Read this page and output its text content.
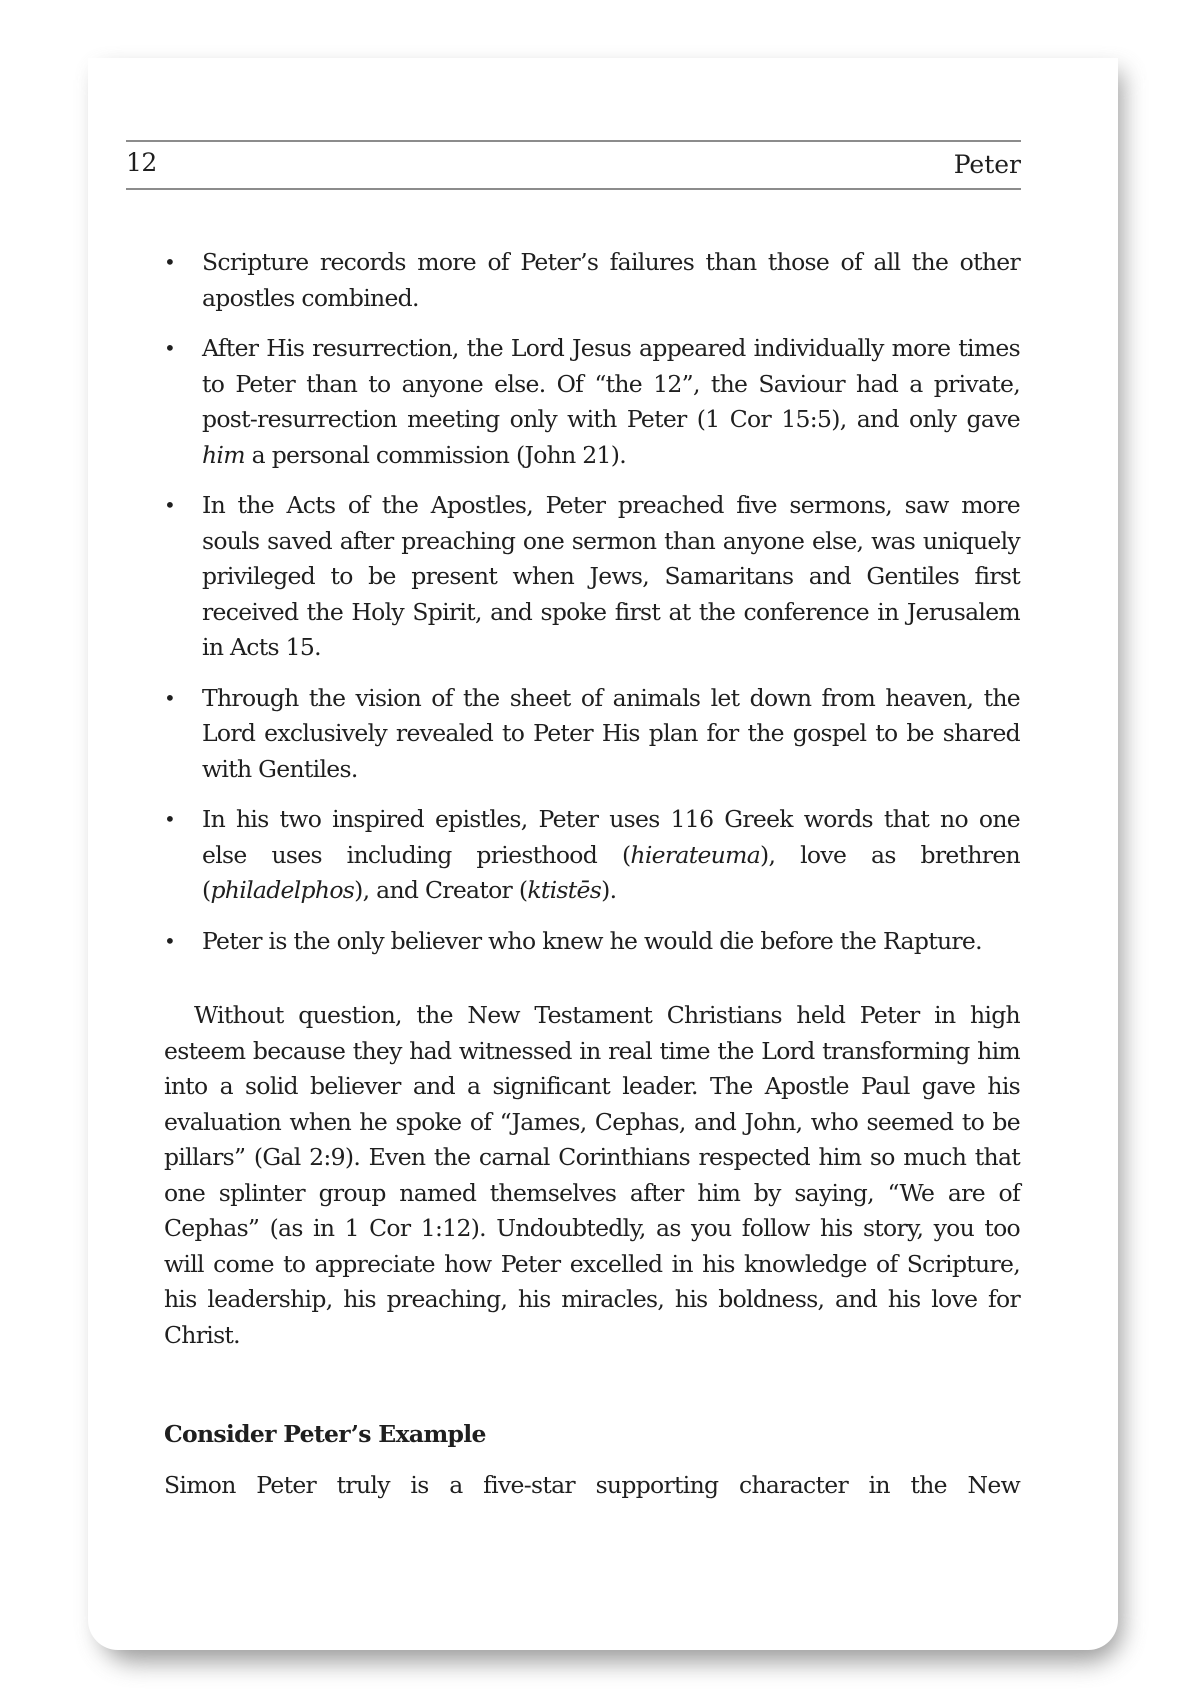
12	Peter
• Scripture records more of Peter’s failures than those of all the other apostles combined.
• After His resurrection, the Lord Jesus appeared individually more times to Peter than to anyone else. Of “the 12”, the Saviour had a private, post-resurrection meeting only with Peter (1 Cor 15:5), and only gave him a personal commission (John 21).
• In the Acts of the Apostles, Peter preached five sermons, saw more souls saved after preaching one sermon than anyone else, was uniquely privileged to be present when Jews, Samaritans and Gentiles first received the Holy Spirit, and spoke first at the conference in Jerusalem in Acts 15.
• Through the vision of the sheet of animals let down from heaven, the Lord exclusively revealed to Peter His plan for the gospel to be shared with Gentiles.
• In his two inspired epistles, Peter uses 116 Greek words that no one else uses including priesthood (hierateuma), love as brethren (philadelphos), and Creator (ktistēs).
• Peter is the only believer who knew he would die before the Rapture.

Without question, the New Testament Christians held Peter in high esteem because they had witnessed in real time the Lord transforming him into a solid believer and a significant leader. The Apostle Paul gave his evaluation when he spoke of “James, Cephas, and John, who seemed to be pillars” (Gal 2:9). Even the carnal Corinthians respected him so much that one splinter group named themselves after him by saying, “We are of Cephas” (as in 1 Cor 1:12). Undoubtedly, as you follow his story, you too will come to appreciate how Peter excelled in his knowledge of Scripture, his leadership, his preaching, his miracles, his boldness, and his love for Christ.

Consider Peter’s Example

Simon Peter truly is a five-star supporting character in the New
